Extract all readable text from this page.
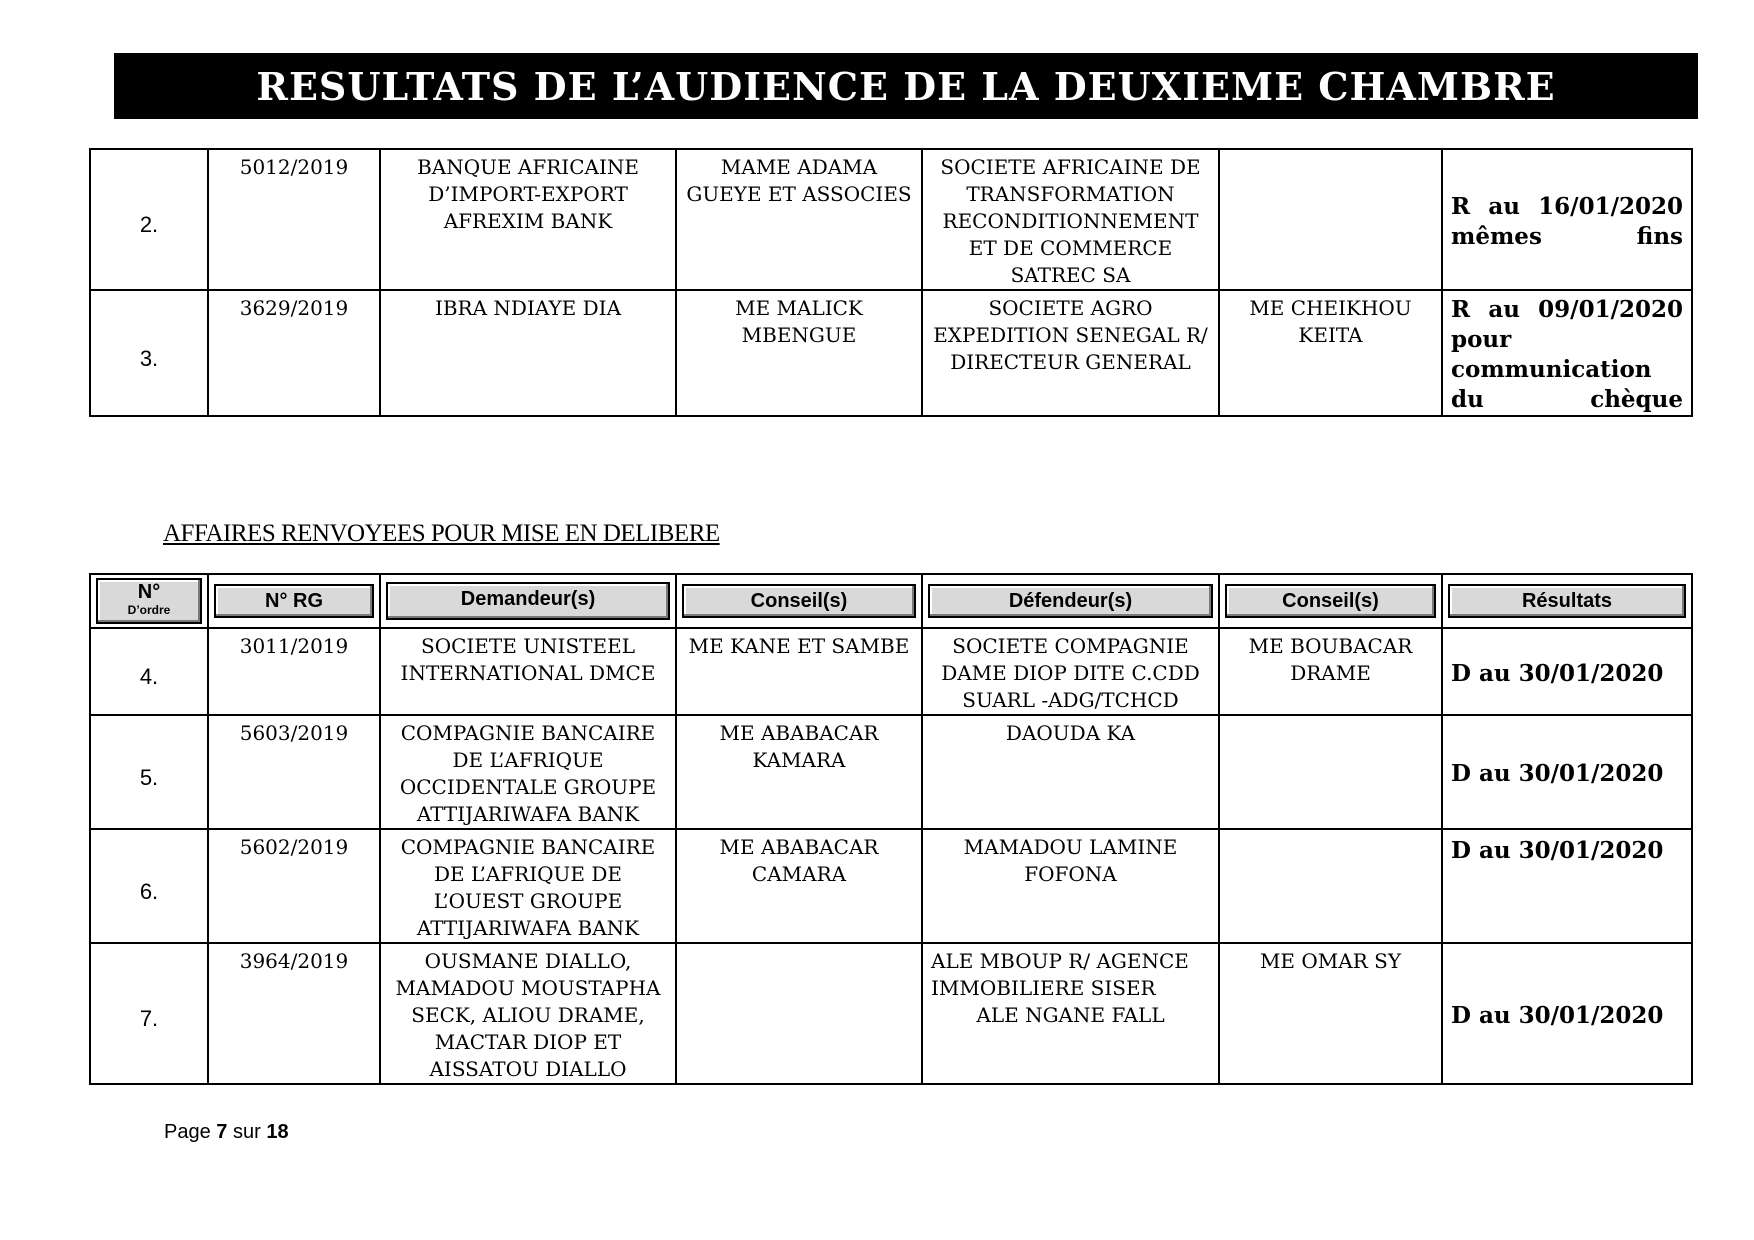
RESULTATS DE L’AUDIENCE DE LA DEUXIEME CHAMBRE
2.	5012/2019	BANQUE AFRICAINE D’IMPORT-EXPORT AFREXIM BANK	MAME ADAMA GUEYE ET ASSOCIES	SOCIETE AFRICAINE DE TRANSFORMATION RECONDITIONNEMENT ET DE COMMERCE SATREC SA		R au 16/01/2020 mêmes fins
3.	3629/2019	IBRA NDIAYE DIA	ME MALICK MBENGUE	SOCIETE AGRO EXPEDITION SENEGAL R/ DIRECTEUR GENERAL	ME CHEIKHOU KEITA	R au 09/01/2020 pour communication du chèque
AFFAIRES RENVOYEES POUR MISE EN DELIBERE
N°
D’ordre	N° RG	Demandeur(s)	Conseil(s)	Défendeur(s)	Conseil(s)	Résultats

4.	3011/2019	SOCIETE UNISTEEL INTERNATIONAL DMCE	ME KANE ET SAMBE	SOCIETE COMPAGNIE DAME DIOP DITE C.CDD SUARL -ADG/TCHCD	ME BOUBACAR DRAME	D au 30/01/2020
5.	5603/2019	COMPAGNIE BANCAIRE DE L’AFRIQUE OCCIDENTALE GROUPE ATTIJARIWAFA BANK	ME ABABACAR KAMARA	DAOUDA KA		D au 30/01/2020
6.	5602/2019	COMPAGNIE BANCAIRE DE L’AFRIQUE DE L’OUEST GROUPE ATTIJARIWAFA BANK	ME ABABACAR CAMARA	MAMADOU LAMINE FOFONA		D au 30/01/2020
7.	3964/2019	OUSMANE DIALLO, MAMADOU MOUSTAPHA SECK, ALIOU DRAME, MACTAR DIOP ET AISSATOU DIALLO		ALE MBOUP R/ AGENCE IMMOBILIERE SISER
ALE NGANE FALL	ME OMAR SY	D au 30/01/2020
Page 7 sur 18
